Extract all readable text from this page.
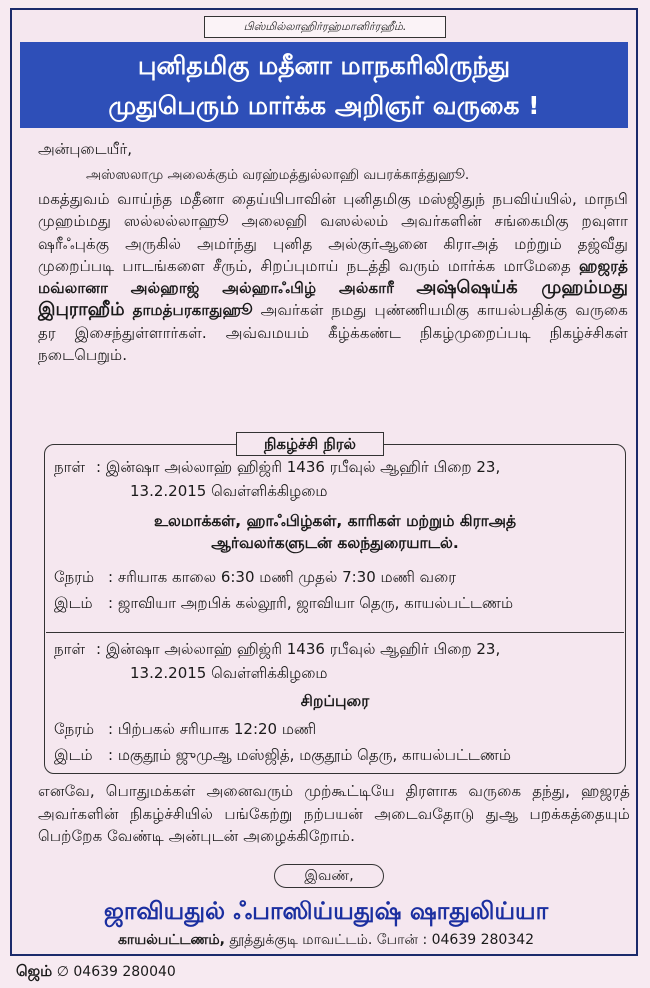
பிஸ்மில்லாஹிர்ரஹ்மானிர்ரஹீம்.
புனிதமிகு மதீனா மாநகரிலிருந்து
முதுபெரும் மார்க்க அறிஞர் வருகை !
அன்புடையீர்,
அஸ்ஸலாமு அலைக்கும் வரஹ்மத்துல்லாஹி வபரக்காத்துஹூ.
மகத்துவம் வாய்ந்த மதீனா தைய்யிபாவின் புனிதமிகு மஸ்ஜிதுந் நபவிய்யில், மாநபி முஹம்மது ஸல்லல்லாஹூ அலைஹி வஸல்லம் அவர்களின் சங்கைமிகு றவுளா ஷரீஃபுக்கு அருகில் அமர்ந்து புனித அல்குர்ஆனை கிராஅத் மற்றும் தஜ்வீது முறைப்படி பாடங்களை சீரும், சிறப்புமாய் நடத்தி வரும் மார்க்க மாமேதை ஹஜரத் மவ்லானா அல்ஹாஜ் அல்ஹாஃபிழ் அல்காரீ அஷ்ஷெய்க் முஹம்மது இபுராஹீம் தாமத்பரகாதுஹூ அவர்கள் நமது புண்ணியமிகு காயல்பதிக்கு வருகை தர இசைந்துள்ளார்கள். அவ்வமயம் கீழ்க்கண்ட நிகழ்முறைப்படி நிகழ்ச்சிகள் நடைபெறும்.
நிகழ்ச்சி நிரல்
நாள் : இன்ஷா அல்லாஹ் ஹிஜ்ரி 1436 ரபீவுல் ஆஹிர் பிறை 23,
13.2.2015 வெள்ளிக்கிழமை
உலமாக்கள், ஹாஃபிழ்கள், காரிகள் மற்றும் கிராஅத்
ஆர்வலர்களுடன் கலந்துரையாடல்.
நேரம் : சரியாக காலை 6:30 மணி முதல் 7:30 மணி வரை
இடம் : ஜாவியா அறபிக் கல்லூரி, ஜாவியா தெரு, காயல்பட்டணம்
நாள் : இன்ஷா அல்லாஹ் ஹிஜ்ரி 1436 ரபீவுல் ஆஹிர் பிறை 23,
13.2.2015 வெள்ளிக்கிழமை
சிறப்புரை
நேரம் : பிற்பகல் சரியாக 12:20 மணி
இடம் : மகுதூம் ஜுமுஆ மஸ்ஜித், மகுதூம் தெரு, காயல்பட்டணம்
எனவே, பொதுமக்கள் அனைவரும் முற்கூட்டியே திரளாக வருகை தந்து, ஹஜரத் அவர்களின் நிகழ்ச்சியில் பங்கேற்று நற்பயன் அடைவதோடு துஆ பறக்கத்தையும் பெற்றேக வேண்டி அன்புடன் அழைக்கிறோம்.
இவண்,
ஜாவியதுல் ஃபாஸிய்யதுஷ் ஷாதுலிய்யா
காயல்பட்டணம், தூத்துக்குடி மாவட்டம். போன் : 04639 280342
ஜெம் ∅ 04639 280040
